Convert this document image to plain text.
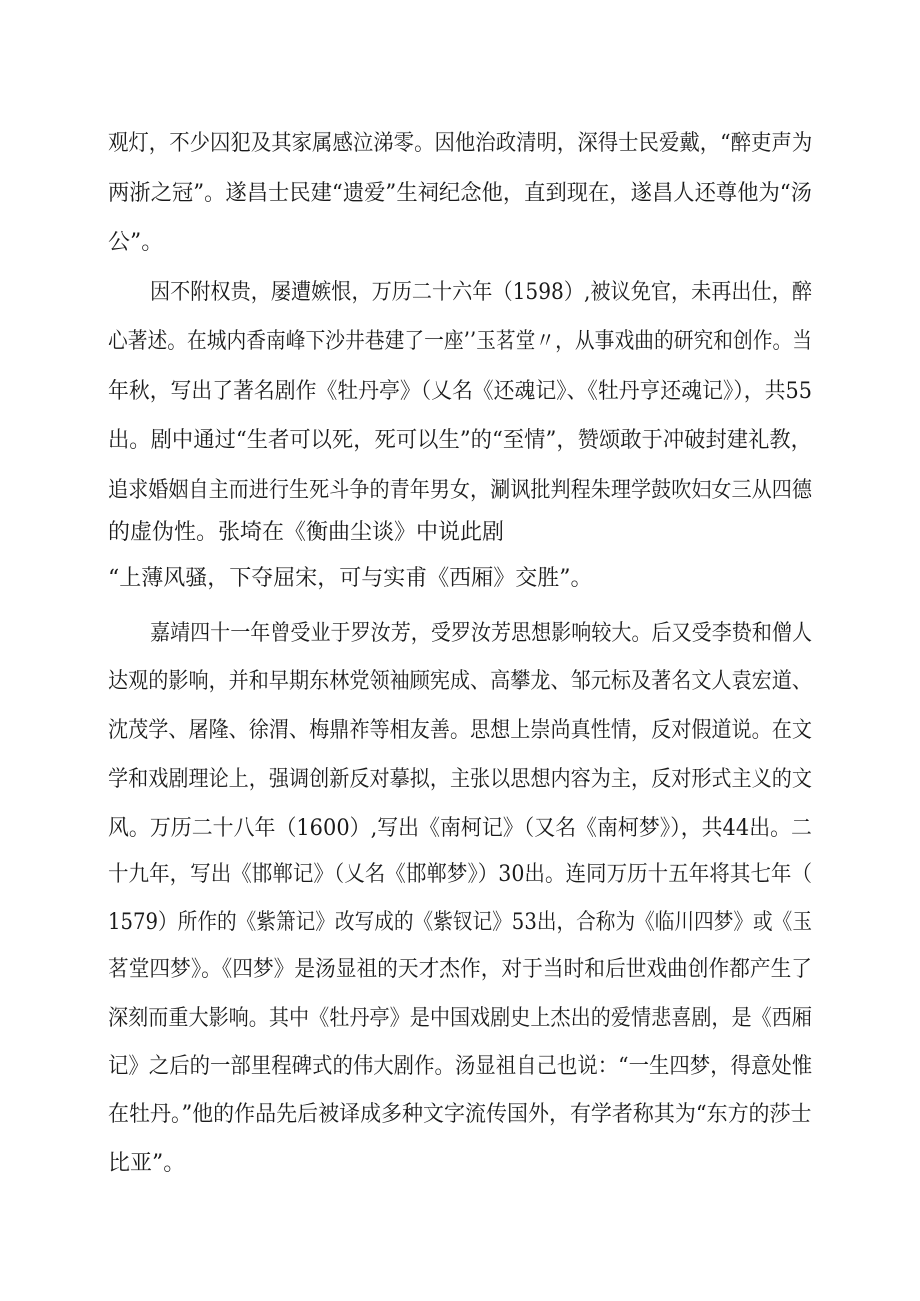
观灯，不少囚犯及其家属感泣涕零。因他治政清明，深得士民爱戴，“醉吏声为
两浙之冠”。遂昌士民建“遗爱”生祠纪念他，直到现在，遂昌人还尊他为“汤
公”。
因不附权贵，屡遭嫉恨，万历二十六年（1598）,被议免官，未再出仕，醉
心著述。在城内香南峰下沙井巷建了一座’’玉茗堂〃，从事戏曲的研究和创作。当
年秋，写出了著名剧作《牡丹亭》（乂名《还魂记》、《牡丹亨还魂记》），共55
出。剧中通过“生者可以死，死可以生”的“至情”，赞颂敢于冲破封建礼教，
追求婚姻自主而进行生死斗争的青年男女，涮讽批判程朱理学鼓吹妇女三从四德
的虚伪性。张埼在《衡曲尘谈》中说此剧
“上薄风骚，下夺屈宋，可与实甫《西厢》交胜”。
嘉靖四十一年曾受业于罗汝芳，受罗汝芳思想影响较大。后又受李贽和僧人
达观的影响，并和早期东林党领袖顾宪成、高攀龙、邹元标及著名文人袁宏道、
沈茂学、屠隆、徐渭、梅鼎祚等相友善。思想上崇尚真性情，反对假道说。在文
学和戏剧理论上，强调创新反对摹拟，主张以思想内容为主，反对形式主义的文
风。万历二十八年（1600）,写出《南柯记》（又名《南柯梦》），共44出。二
十九年，写出《邯郸记》（乂名《邯郸梦》）30出。连同万历十五年将其七年（
1579）所作的《紫箫记》改写成的《紫钗记》53出，合称为《临川四梦》或《玉
茗堂四梦》。《四梦》是汤显祖的天才杰作，对于当时和后世戏曲创作都产生了
深刻而重大影响。其中《牡丹亭》是中国戏剧史上杰出的爱情悲喜剧，是《西厢
记》之后的一部里程碑式的伟大剧作。汤显祖自己也说：“一生四梦，得意处惟
在牡丹。”他的作品先后被译成多种文字流传国外，有学者称其为“东方的莎士
比亚”。
